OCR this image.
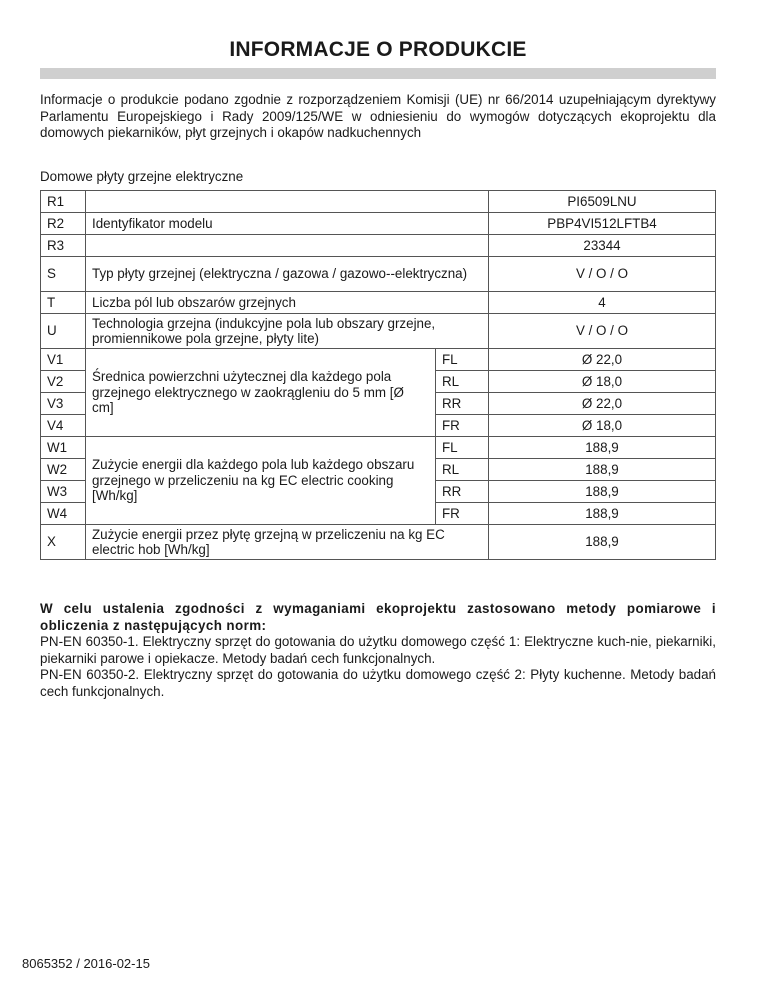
INFORMACJE O PRODUKCIE
Informacje o produkcie podano zgodnie z rozporządzeniem Komisji (UE) nr 66/2014 uzupełniającym dyrektywy Parlamentu Europejskiego i Rady 2009/125/WE w odniesieniu do wymogów dotyczących ekoprojektu dla domowych piekarników, płyt grzejnych i okapów nadkuchennych
Domowe płyty grzejne elektryczne
R1			PI6509LNU
R2	Identyfikator modelu		PBP4VI512LFTB4
R3			23344
S	Typ płyty grzejnej (elektryczna / gazowa / gazowo--elektryczna)		V / O / O
T	Liczba pól lub obszarów grzejnych		4
U	Technologia grzejna (indukcyjne pola lub obszary grzejne, promiennikowe pola grzejne, płyty lite)		V / O / O
V1	Średnica powierzchni użytecznej dla każdego pola grzejnego elektrycznego w zaokrągleniu do 5 mm [Ø cm]	FL	Ø 22,0
V2		RL	Ø 18,0
V3		RR	Ø 22,0
V4		FR	Ø 18,0
W1	Zużycie energii dla każdego pola lub każdego obszaru grzejnego w przeliczeniu na kg EC electric cooking [Wh/kg]	FL	188,9
W2		RL	188,9
W3		RR	188,9
W4		FR	188,9
X	Zużycie energii przez płytę grzejną w przeliczeniu na kg EC electric hob [Wh/kg]		188,9
W celu ustalenia zgodności z wymaganiami ekoprojektu zastosowano metody pomiarowe i obliczenia z następujących norm:
PN-EN 60350-1. Elektryczny sprzęt do gotowania do użytku domowego część 1: Elektryczne kuch-nie, piekarniki, piekarniki parowe i opiekacze. Metody badań cech funkcjonalnych.
PN-EN 60350-2. Elektryczny sprzęt do gotowania do użytku domowego część 2: Płyty kuchenne. Metody badań cech funkcjonalnych.
8065352 / 2016-02-15
